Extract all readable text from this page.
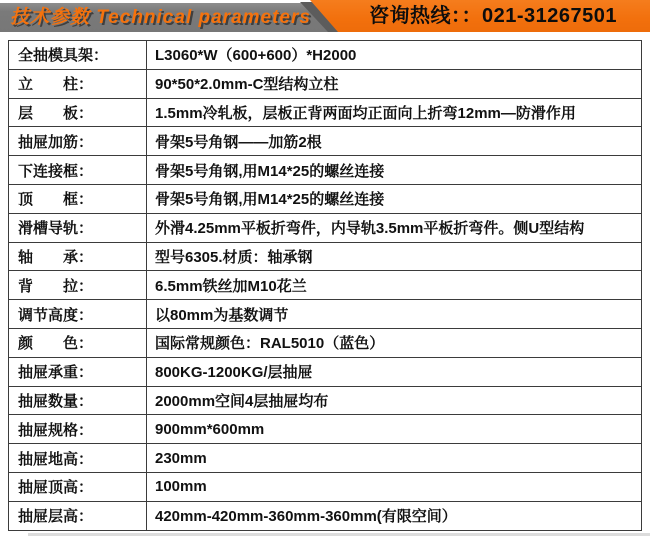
技术参数 Technical parameters	咨询热线：：021-31267501
全抽模具架：	L3060*W（600+600）*H2000
立　　柱：	90*50*2.0mm-C型结构立柱
层　　板：	1.5mm冷轧板，层板正背两面均正面向上折弯12mm—防滑作用
抽屉加筋：	骨架5号角钢——加筋2根
下连接框：	骨架5号角钢,用M14*25的螺丝连接
顶　　框：	骨架5号角钢,用M14*25的螺丝连接
滑槽导轨：	外滑4.25mm平板折弯件，内导轨3.5mm平板折弯件。侧U型结构
轴　　承：	型号6305.材质：轴承钢
背　　拉：	6.5mm铁丝加M10花兰
调节高度：	以80mm为基数调节
颜　　色：	国际常规颜色：RAL5010（蓝色）
抽屉承重：	800KG-1200KG/层抽屉
抽屉数量：	2000mm空间4层抽屉均布
抽屉规格：	900mm*600mm
抽屉地高：	230mm
抽屉顶高：	100mm
抽屉层高：	420mm-420mm-360mm-360mm(有限空间）
